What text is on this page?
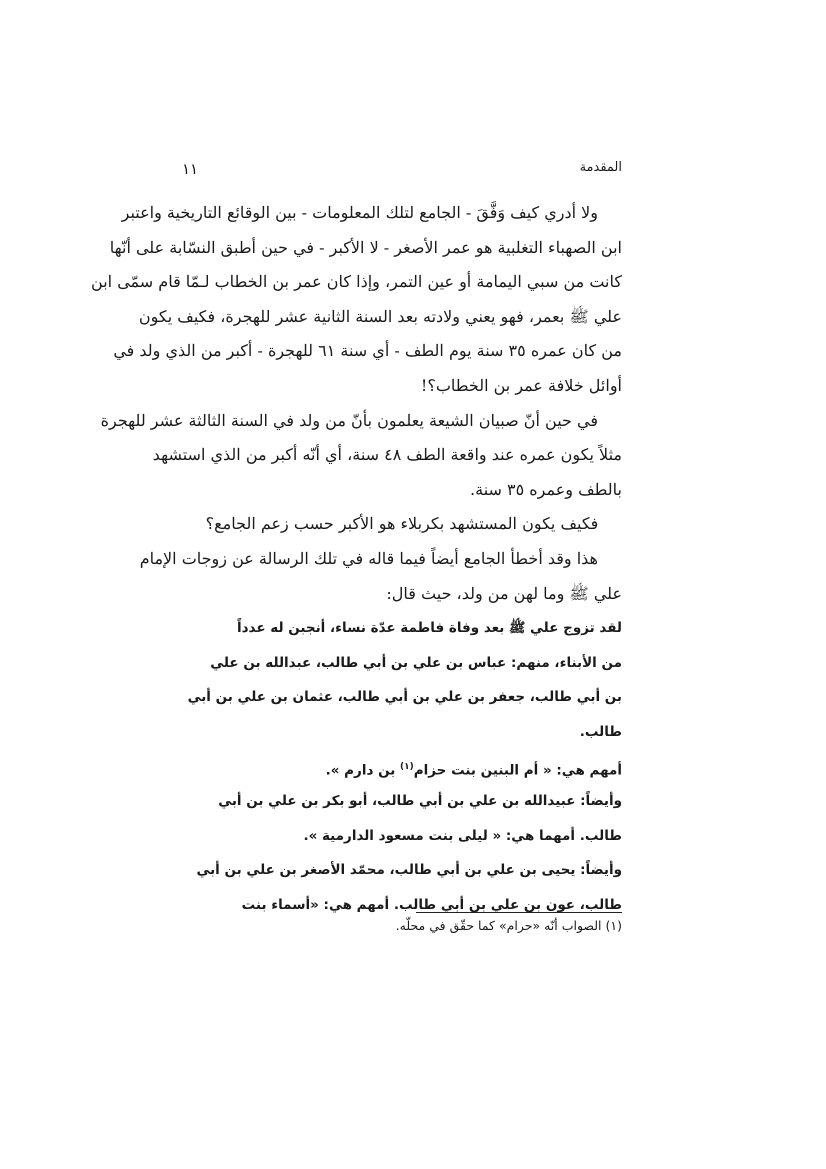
المقدمة
١١
ولا أدري كيف وَفَّقَ - الجامع لتلك المعلومات - بين الوقائع التاريخية واعتبر
ابن الصهباء التغلبية هو عمر الأصغر - لا الأكبر - في حين أطبق النسّابة على أنّها
كانت من سبي اليمامة أو عين التمر، وإذا كان عمر بن الخطاب لـمّا قام سمّى ابن
علي ﷺ بعمر، فهو يعني ولادته بعد السنة الثانية عشر للهجرة، فكيف يكون
من كان عمره ٣٥ سنة يوم الطف - أي سنة ٦١ للهجرة - أكبر من الذي ولد في
أوائل خلافة عمر بن الخطاب؟!
في حين أنّ صبيان الشيعة يعلمون بأنّ من ولد في السنة الثالثة عشر للهجرة
مثلاً يكون عمره عند واقعة الطف ٤٨ سنة، أي أنّه أكبر من الذي استشهد
بالطف وعمره ٣٥ سنة.
فكيف يكون المستشهد بكربلاء هو الأكبر حسب زعم الجامع؟
هذا وقد أخطأ الجامع أيضاً فيما قاله في تلك الرسالة عن زوجات الإمام
علي ﷺ وما لهن من ولد، حيث قال:
لقد تزوج علي ﷺ بعد وفاة فاطمة عدّة نساء، أنجبن له عدداً
من الأبناء، منهم: عباس بن علي بن أبي طالب، عبدالله بن علي
بن أبي طالب، جعفر بن علي بن أبي طالب، عثمان بن علي بن أبي
طالب.
أمهم هي: « أم البنين بنت حزام$^{(١)}$ بن دارم ».
وأيضاً: عبيدالله بن علي بن أبي طالب، أبو بكر بن علي بن أبي
طالب. أمهما هي: « ليلى بنت مسعود الدارمية ».
وأيضاً: يحيى بن علي بن أبي طالب، محمّد الأصغر بن علي بن أبي
طالب، عون بن علي بن أبي طالب. أمهم هي: «أسماء بنت
(١) الصواب أنّه «حرام» كما حقّق في محلّه.
